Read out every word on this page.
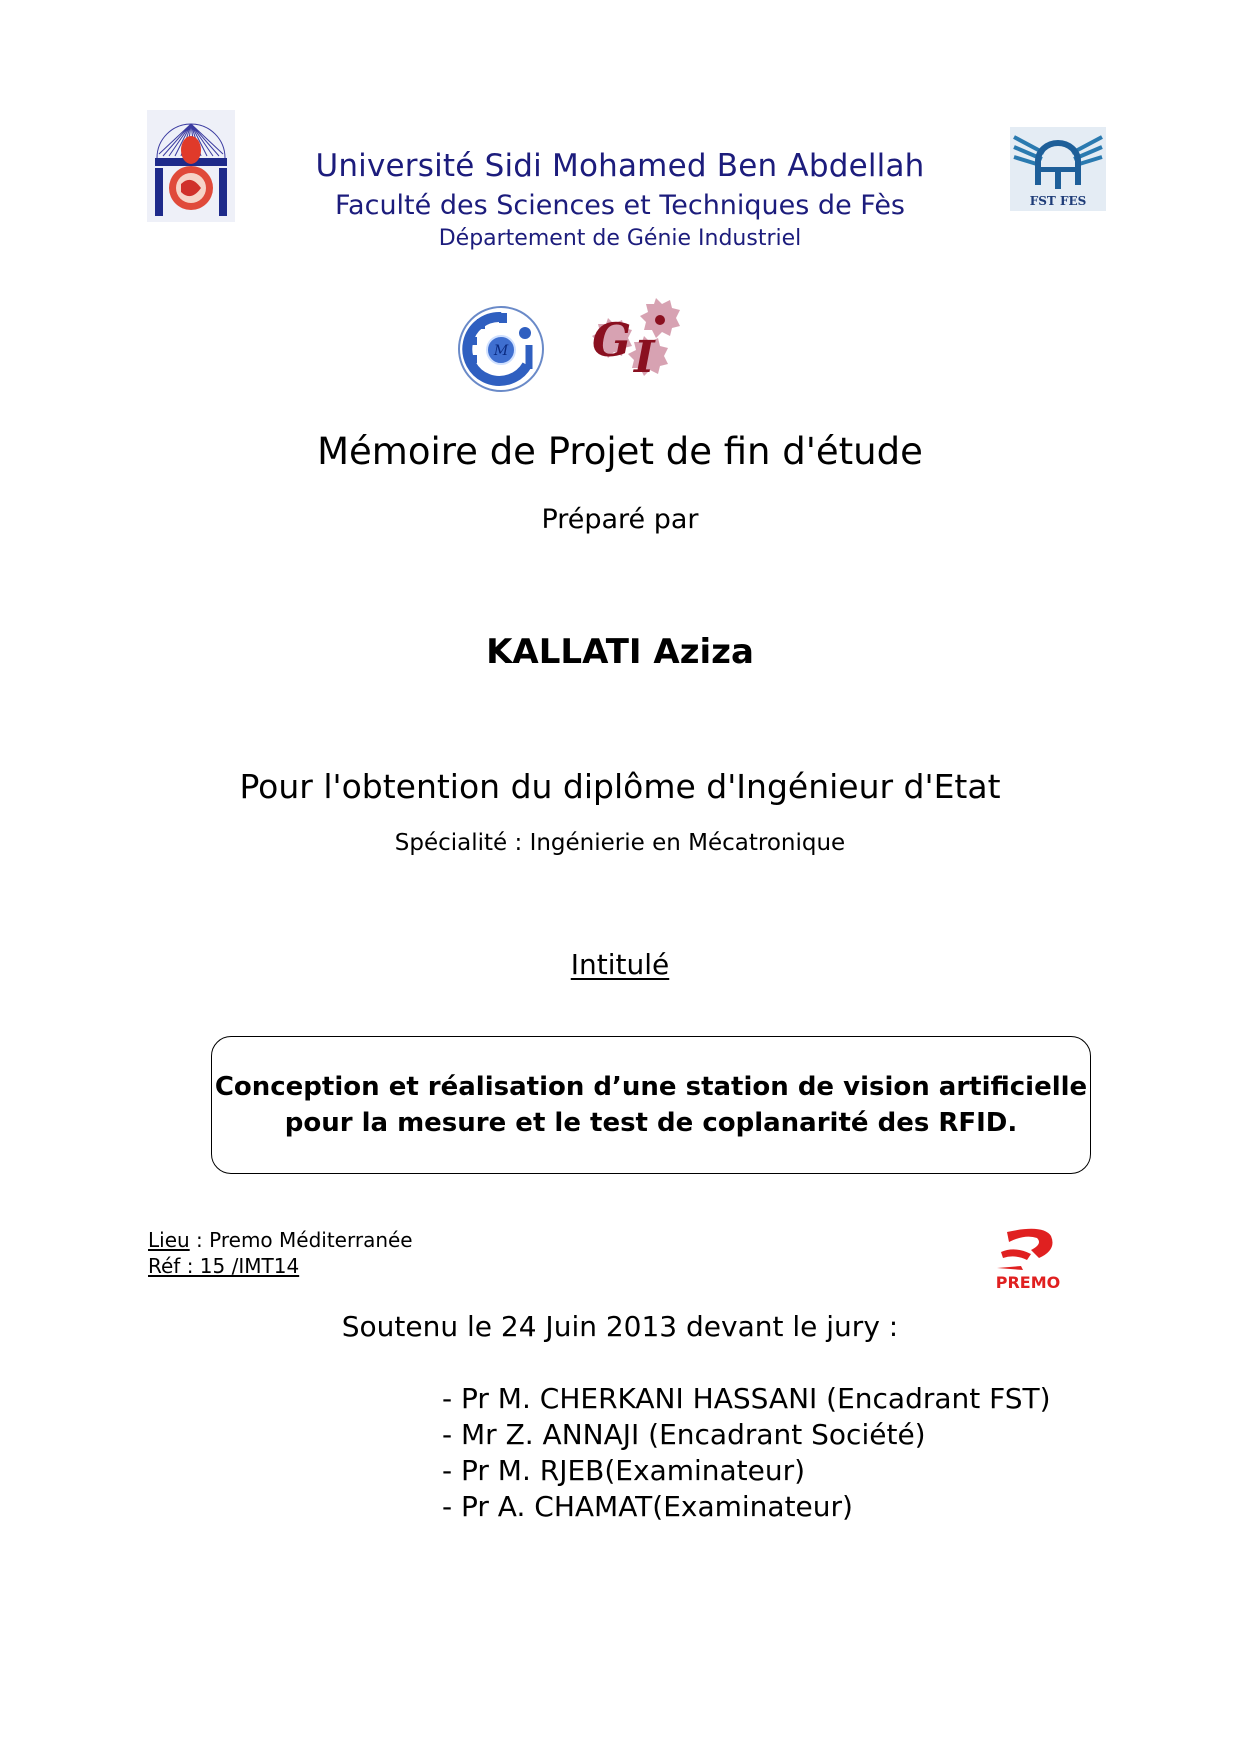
Université Sidi Mohamed Ben Abdellah
Faculté des Sciences et Techniques de Fès
Département de Génie Industriel
FST FES
M G I
Mémoire de Projet de fin d'étude
Préparé par
KALLATI Aziza
Pour l'obtention du diplôme d'Ingénieur d'Etat
Spécialité : Ingénierie en Mécatronique
Intitulé
Conception et réalisation d’une station de vision artificielle
pour la mesure et le test de coplanarité des RFID.
Lieu : Premo Méditerranée
Réf : 15 /IMT14
PREMO
Soutenu le 24 Juin 2013 devant le jury :
- Pr M. CHERKANI HASSANI (Encadrant FST)
- Mr Z. ANNAJI (Encadrant Société)
- Pr M. RJEB(Examinateur)
- Pr A. CHAMAT(Examinateur)
